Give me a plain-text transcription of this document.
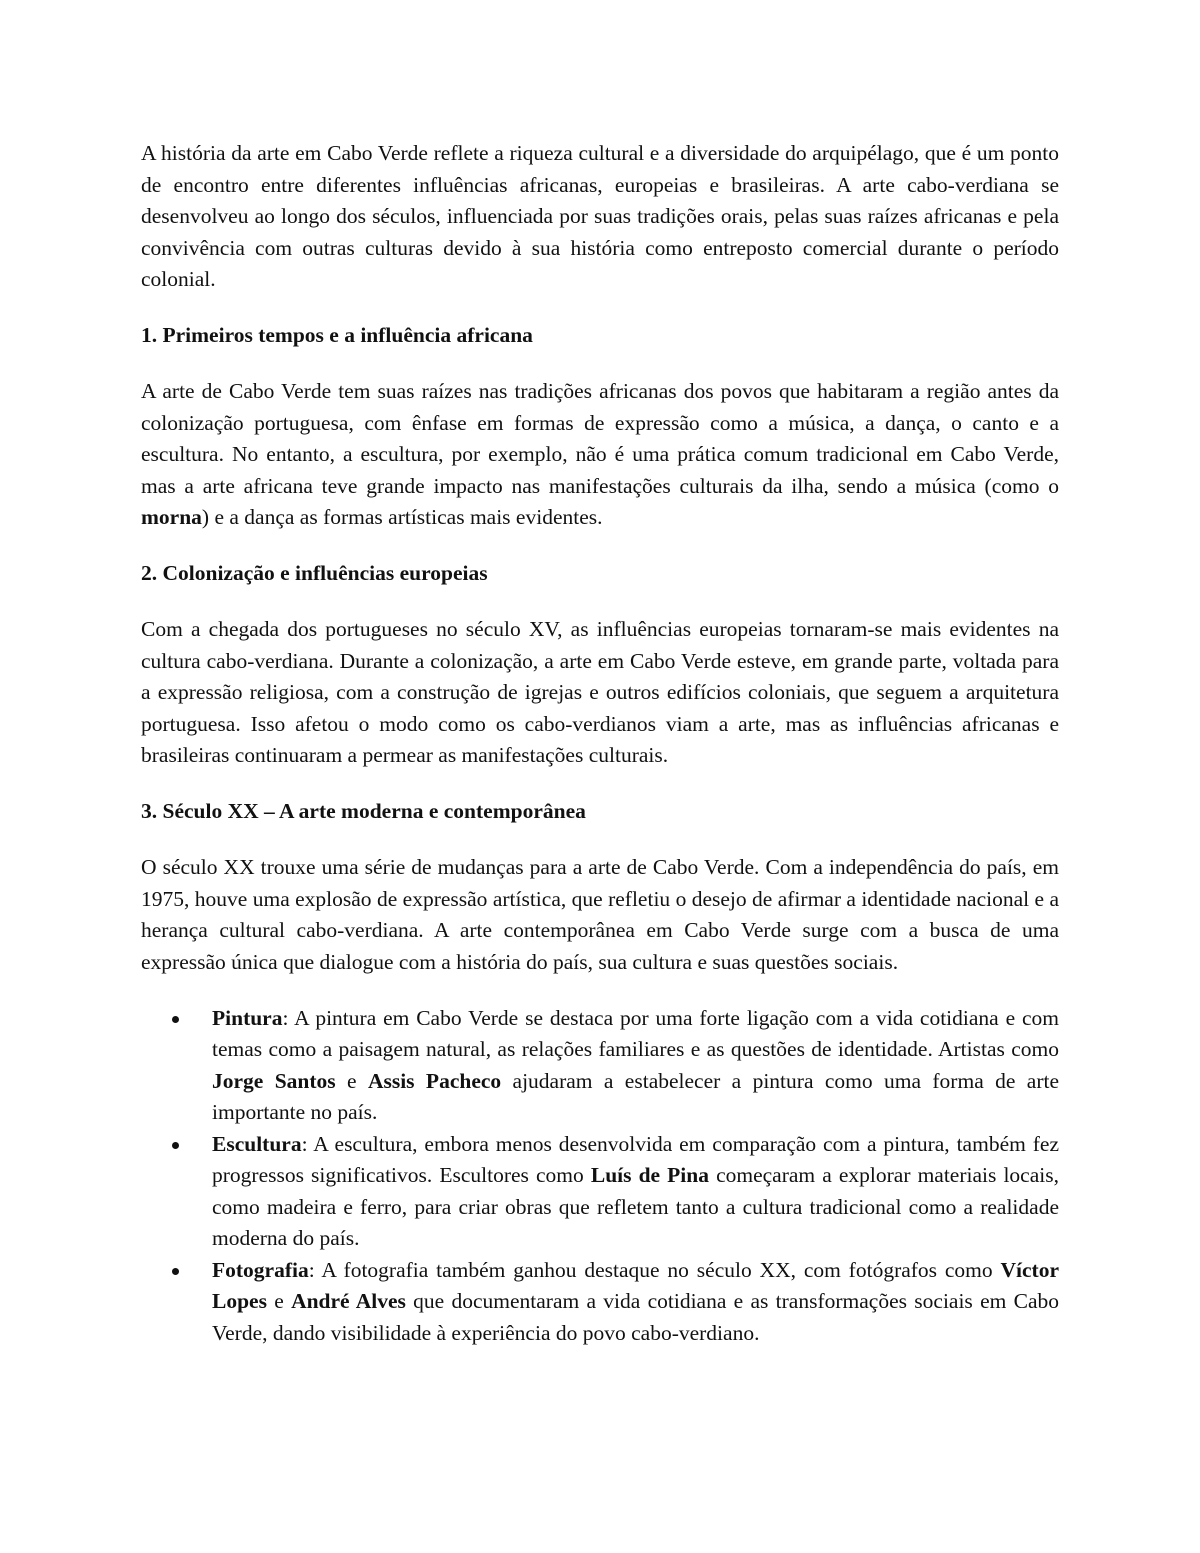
A história da arte em Cabo Verde reflete a riqueza cultural e a diversidade do arquipélago, que é um ponto de encontro entre diferentes influências africanas, europeias e brasileiras. A arte cabo-verdiana se desenvolveu ao longo dos séculos, influenciada por suas tradições orais, pelas suas raízes africanas e pela convivência com outras culturas devido à sua história como entreposto comercial durante o período colonial.

1. Primeiros tempos e a influência africana

A arte de Cabo Verde tem suas raízes nas tradições africanas dos povos que habitaram a região antes da colonização portuguesa, com ênfase em formas de expressão como a música, a dança, o canto e a escultura. No entanto, a escultura, por exemplo, não é uma prática comum tradicional em Cabo Verde, mas a arte africana teve grande impacto nas manifestações culturais da ilha, sendo a música (como o morna) e a dança as formas artísticas mais evidentes.

2. Colonização e influências europeias

Com a chegada dos portugueses no século XV, as influências europeias tornaram-se mais evidentes na cultura cabo-verdiana. Durante a colonização, a arte em Cabo Verde esteve, em grande parte, voltada para a expressão religiosa, com a construção de igrejas e outros edifícios coloniais, que seguem a arquitetura portuguesa. Isso afetou o modo como os cabo-verdianos viam a arte, mas as influências africanas e brasileiras continuaram a permear as manifestações culturais.

3. Século XX – A arte moderna e contemporânea

O século XX trouxe uma série de mudanças para a arte de Cabo Verde. Com a independência do país, em 1975, houve uma explosão de expressão artística, que refletiu o desejo de afirmar a identidade nacional e a herança cultural cabo-verdiana. A arte contemporânea em Cabo Verde surge com a busca de uma expressão única que dialogue com a história do país, sua cultura e suas questões sociais.

Pintura: A pintura em Cabo Verde se destaca por uma forte ligação com a vida cotidiana e com temas como a paisagem natural, as relações familiares e as questões de identidade. Artistas como Jorge Santos e Assis Pacheco ajudaram a estabelecer a pintura como uma forma de arte importante no país.
Escultura: A escultura, embora menos desenvolvida em comparação com a pintura, também fez progressos significativos. Escultores como Luís de Pina começaram a explorar materiais locais, como madeira e ferro, para criar obras que refletem tanto a cultura tradicional como a realidade moderna do país.
Fotografia: A fotografia também ganhou destaque no século XX, com fotógrafos como Víctor Lopes e André Alves que documentaram a vida cotidiana e as transformações sociais em Cabo Verde, dando visibilidade à experiência do povo cabo-verdiano.
